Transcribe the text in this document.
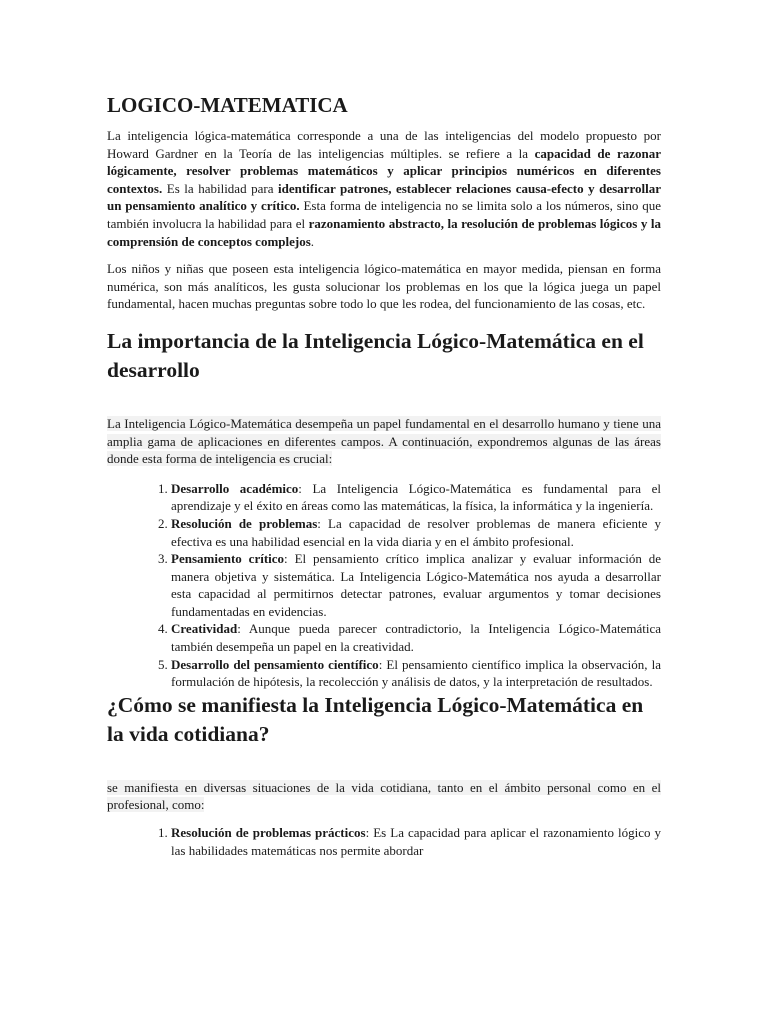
LOGICO-MATEMATICA

La inteligencia lógica-matemática corresponde a una de las inteligencias del modelo propuesto por Howard Gardner en la Teoría de las inteligencias múltiples. se refiere a la capacidad de razonar lógicamente, resolver problemas matemáticos y aplicar principios numéricos en diferentes contextos. Es la habilidad para identificar patrones, establecer relaciones causa-efecto y desarrollar un pensamiento analítico y crítico. Esta forma de inteligencia no se limita solo a los números, sino que también involucra la habilidad para el razonamiento abstracto, la resolución de problemas lógicos y la comprensión de conceptos complejos.

Los niños y niñas que poseen esta inteligencia lógico-matemática en mayor medida, piensan en forma numérica, son más analíticos, les gusta solucionar los problemas en los que la lógica juega un papel fundamental, hacen muchas preguntas sobre todo lo que les rodea, del funcionamiento de las cosas, etc.

La importancia de la Inteligencia Lógico-Matemática en el desarrollo

La Inteligencia Lógico-Matemática desempeña un papel fundamental en el desarrollo humano y tiene una amplia gama de aplicaciones en diferentes campos. A continuación, expondremos algunas de las áreas donde esta forma de inteligencia es crucial:

1. Desarrollo académico: La Inteligencia Lógico-Matemática es fundamental para el aprendizaje y el éxito en áreas como las matemáticas, la física, la informática y la ingeniería.
2. Resolución de problemas: La capacidad de resolver problemas de manera eficiente y efectiva es una habilidad esencial en la vida diaria y en el ámbito profesional.
3. Pensamiento crítico: El pensamiento crítico implica analizar y evaluar información de manera objetiva y sistemática. La Inteligencia Lógico-Matemática nos ayuda a desarrollar esta capacidad al permitirnos detectar patrones, evaluar argumentos y tomar decisiones fundamentadas en evidencias.
4. Creatividad: Aunque pueda parecer contradictorio, la Inteligencia Lógico-Matemática también desempeña un papel en la creatividad.
5. Desarrollo del pensamiento científico: El pensamiento científico implica la observación, la formulación de hipótesis, la recolección y análisis de datos, y la interpretación de resultados.
¿Cómo se manifiesta la Inteligencia Lógico-Matemática en la vida cotidiana?

se manifiesta en diversas situaciones de la vida cotidiana, tanto en el ámbito personal como en el profesional, como:

1. Resolución de problemas prácticos: Es La capacidad para aplicar el razonamiento lógico y las habilidades matemáticas nos permite abordar
